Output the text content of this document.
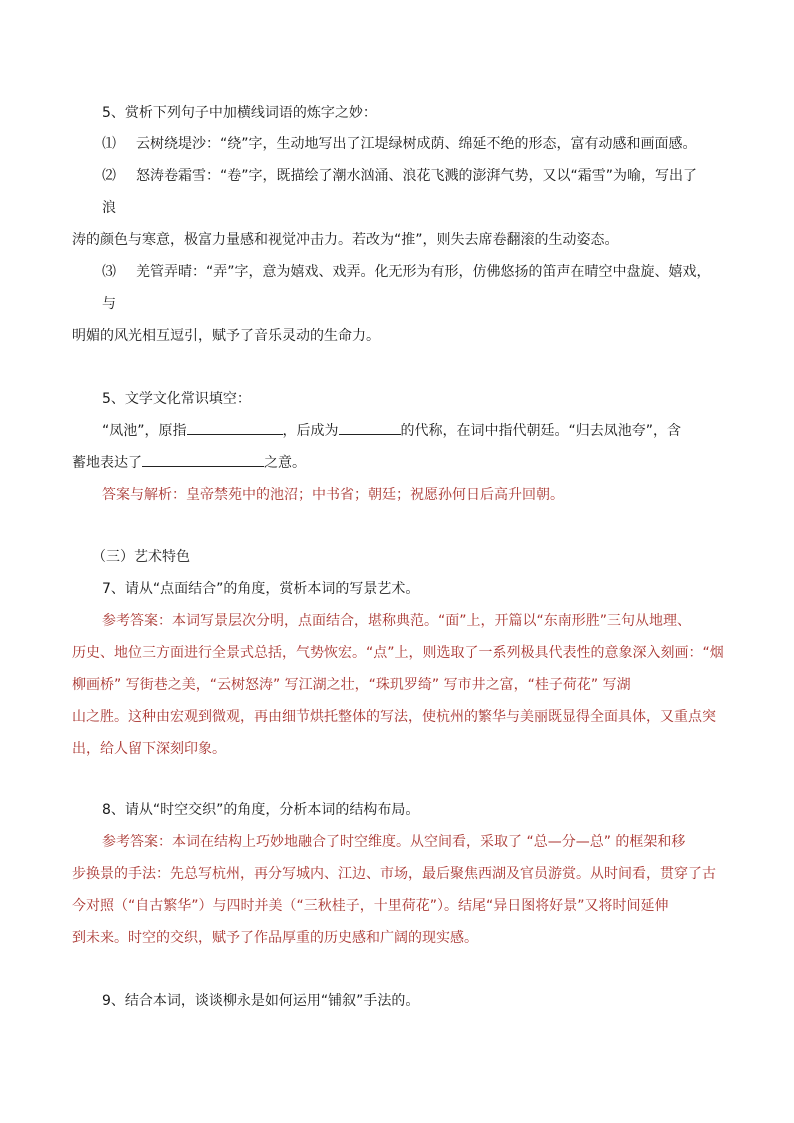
5、赏析下列句子中加横线词语的炼字之妙：
⑴ 云树绕堤沙：“绕”字，生动地写出了江堤绿树成荫、绵延不绝的形态，富有动感和画面感。
⑵ 怒涛卷霜雪：“卷”字，既描绘了潮水汹涌、浪花飞溅的澎湃气势，又以“霜雪”为喻，写出了
浪
涛的颜色与寒意，极富力量感和视觉冲击力。若改为“推”，则失去席卷翻滚的生动姿态。
⑶ 羌管弄晴：“弄”字，意为嬉戏、戏弄。化无形为有形，仿佛悠扬的笛声在晴空中盘旋、嬉戏，
与
明媚的风光相互逗引，赋予了音乐灵动的生命力。
5、文学文化常识填空：
“凤池”，原指	，后成为	的代称，在词中指代朝廷。“归去凤池夸”，含
蓄地表达了	之意。
答案与解析：皇帝禁苑中的池沼；中书省；朝廷；祝愿孙何日后高升回朝。
（三）艺术特色
7、请从“点面结合”的角度，赏析本词的写景艺术。
参考答案：本词写景层次分明，点面结合，堪称典范。“面”上，开篇以“东南形胜”三句从地理、
历史、地位三方面进行全景式总括，气势恢宏。“点”上，则选取了一系列极具代表性的意象深入刻画：“烟
柳画桥” 写街巷之美，“云树怒涛” 写江湖之壮，“珠玑罗绮” 写市井之富，“桂子荷花” 写湖
山之胜。这种由宏观到微观，再由细节烘托整体的写法，使杭州的繁华与美丽既显得全面具体，又重点突
出，给人留下深刻印象。
8、请从“时空交织”的角度，分析本词的结构布局。
参考答案：本词在结构上巧妙地融合了时空维度。从空间看，采取了 “总—分—总” 的框架和移
步换景的手法：先总写杭州，再分写城内、江边、市场，最后聚焦西湖及官员游赏。从时间看，贯穿了古
今对照（“自古繁华”）与四时并美（“三秋桂子，十里荷花”）。结尾“异日图将好景”又将时间延伸
到未来。时空的交织，赋予了作品厚重的历史感和广阔的现实感。
9、结合本词，谈谈柳永是如何运用“铺叙”手法的。
